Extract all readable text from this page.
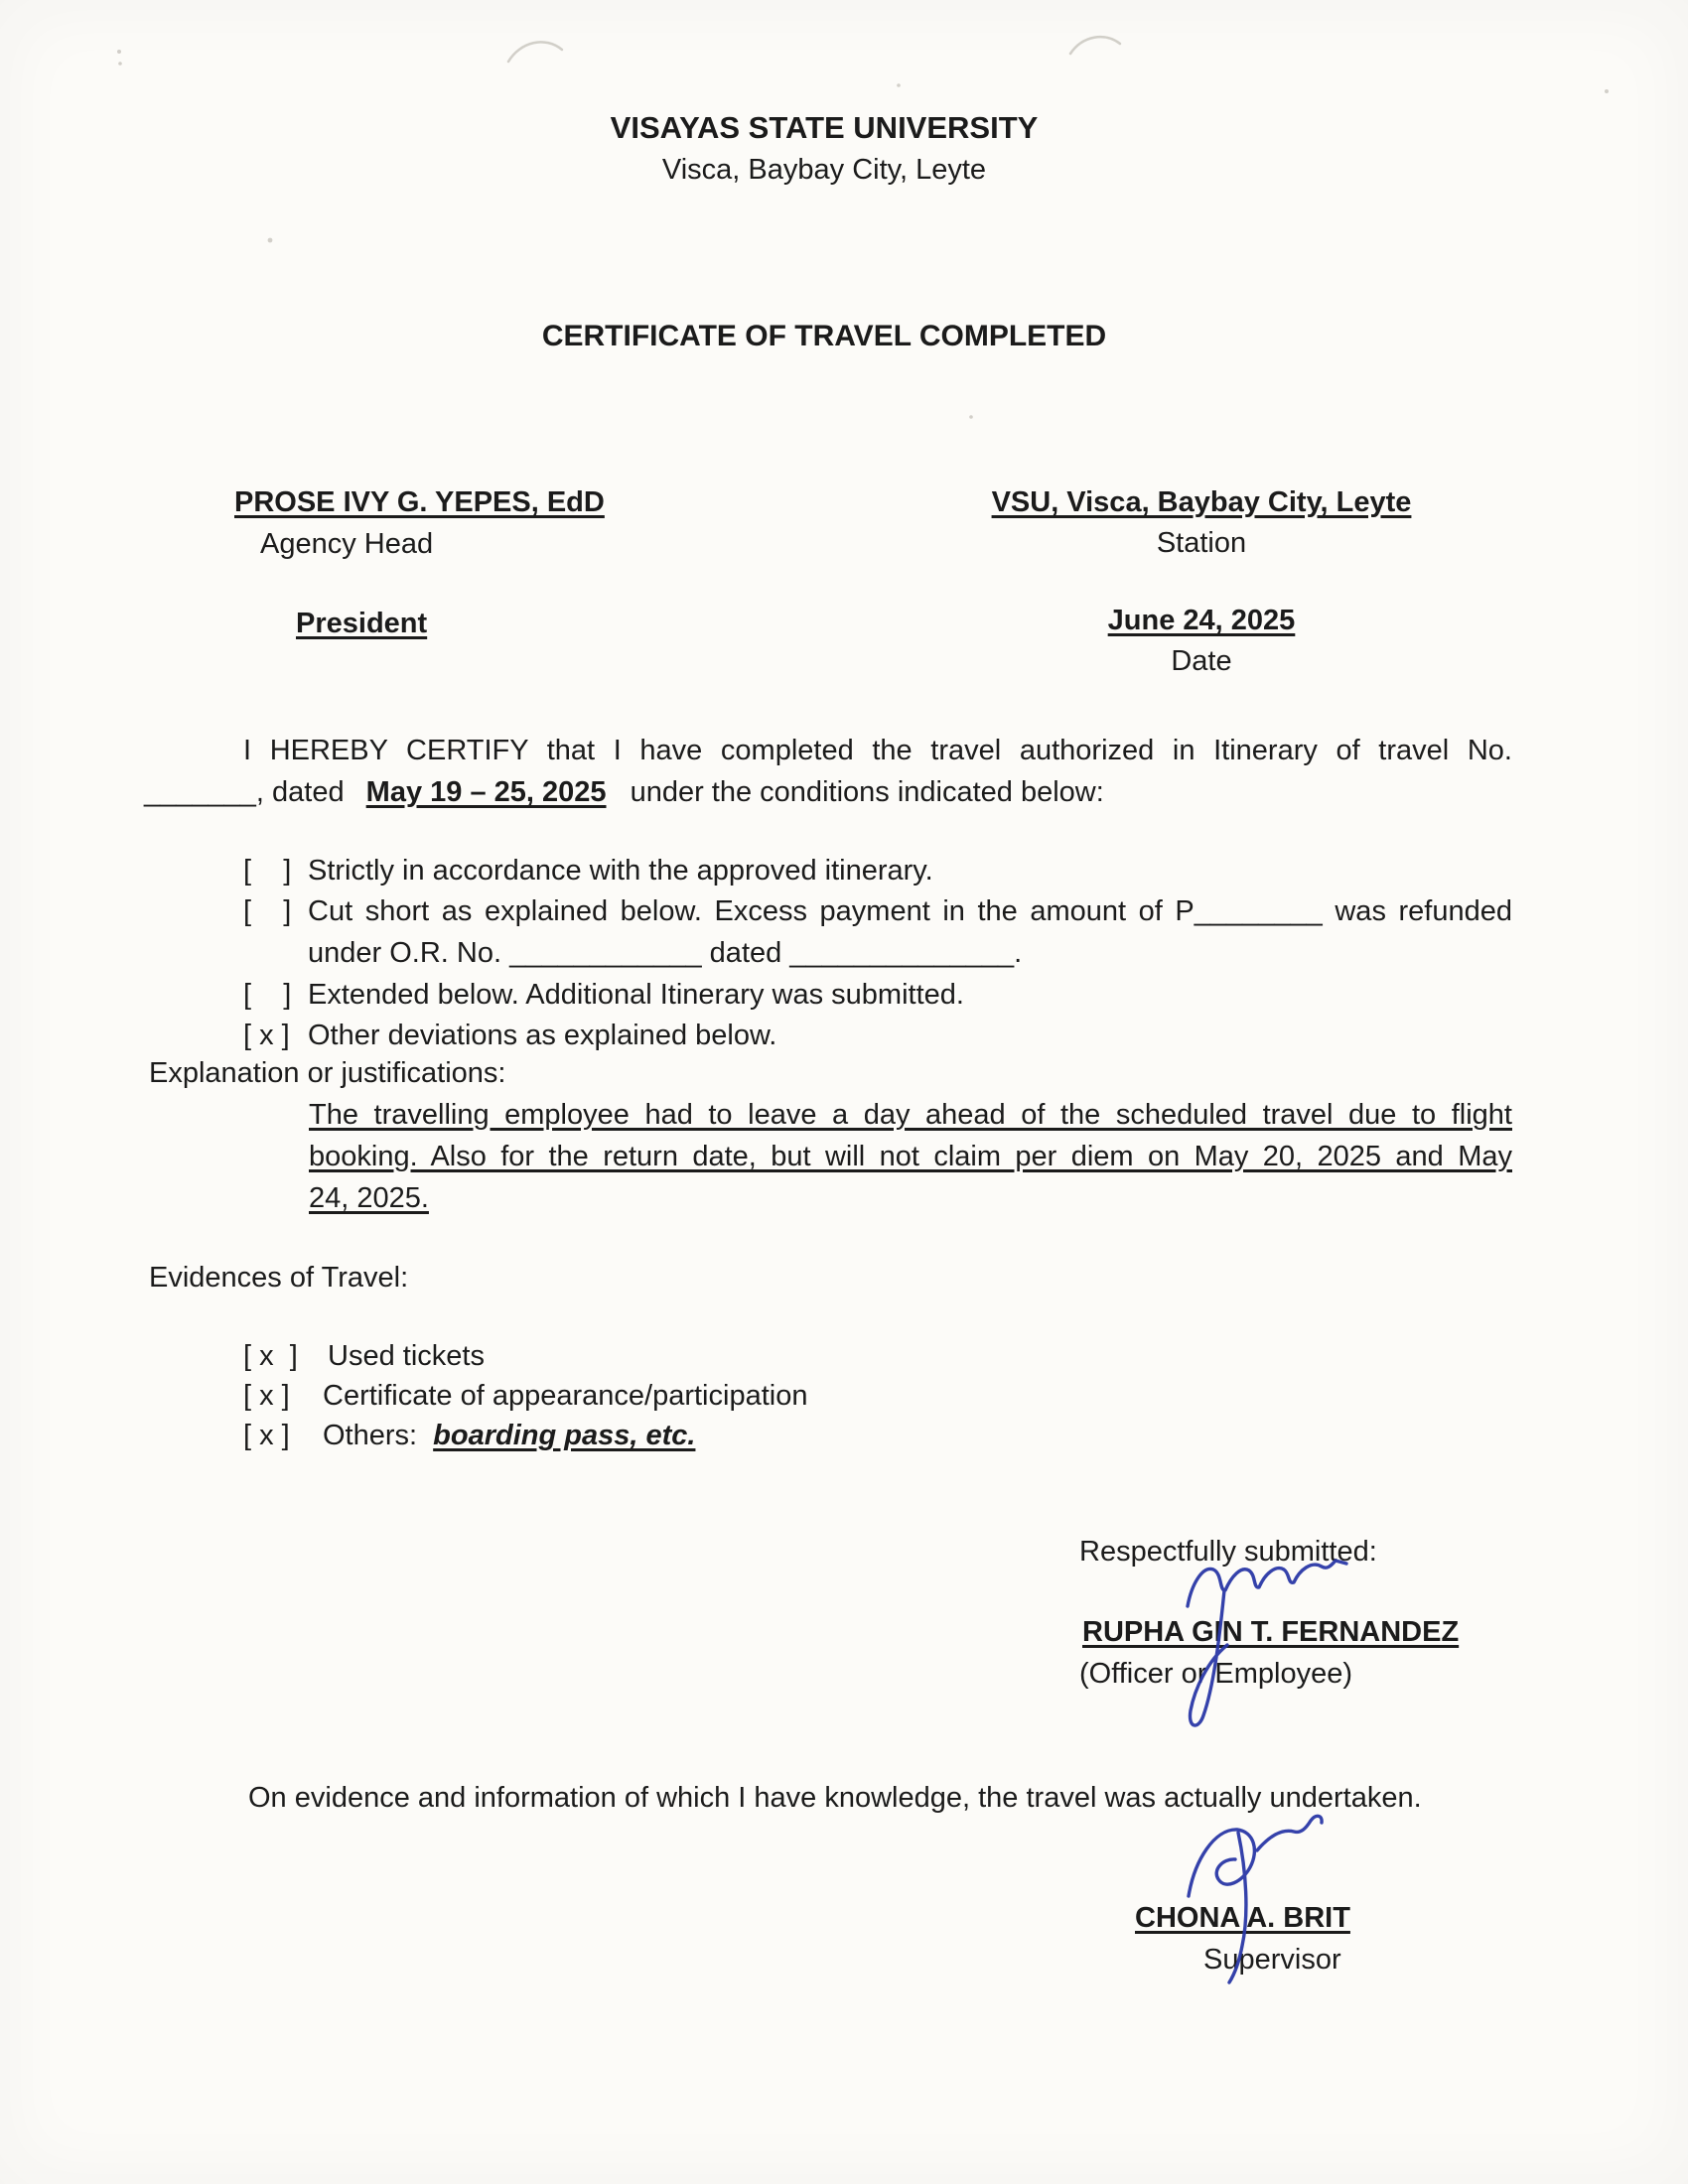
VISAYAS STATE UNIVERSITY
Visca, Baybay City, Leyte
CERTIFICATE OF TRAVEL COMPLETED
PROSE IVY G. YEPES, EdD
Agency Head
President
VSU, Visca, Baybay City, Leyte
Station
June 24, 2025
Date
I HEREBY CERTIFY that I have completed the travel authorized in Itinerary of travel No.
_______, dated May 19 – 25, 2025 under the conditions indicated below:
[    ] Strictly in accordance with the approved itinerary.
[    ] Cut short as explained below. Excess payment in the amount of P________ was refunded
under O.R. No. ____________ dated ______________.
[    ] Extended below. Additional Itinerary was submitted.
[ x ] Other deviations as explained below.
Explanation or justifications:
The travelling employee had to leave a day ahead of the scheduled travel due to flight
booking. Also for the return date, but will not claim per diem on May 20, 2025 and May
24, 2025.
Evidences of Travel:
[ x  ] Used tickets
[ x ] Certificate of appearance/participation
[ x ] Others: boarding pass, etc.
Respectfully submitted:
RUPHA GIN T. FERNANDEZ
(Officer or Employee)
On evidence and information of which I have knowledge, the travel was actually undertaken.
CHONA A. BRIT
Supervisor
